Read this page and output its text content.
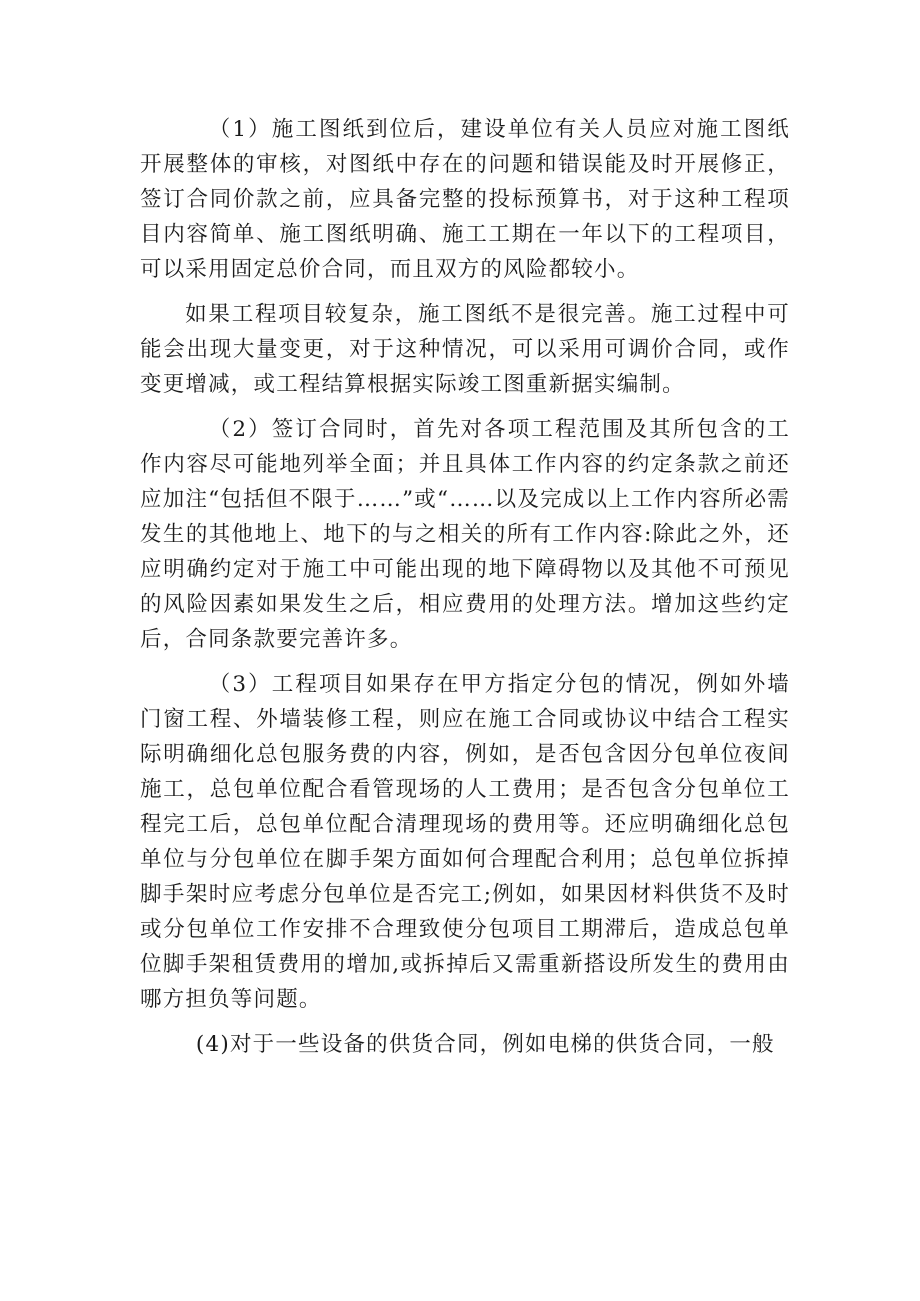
（1）施工图纸到位后，建设单位有关人员应对施工图纸开展整体的审核，对图纸中存在的问题和错误能及时开展修正，签订合同价款之前，应具备完整的投标预算书，对于这种工程项目内容简单、施工图纸明确、施工工期在一年以下的工程项目，可以采用固定总价合同，而且双方的风险都较小。

如果工程项目较复杂，施工图纸不是很完善。施工过程中可能会出现大量变更，对于这种情况，可以采用可调价合同，或作变更增减，或工程结算根据实际竣工图重新据实编制。

（2）签订合同时，首先对各项工程范围及其所包含的工作内容尽可能地列举全面；并且具体工作内容的约定条款之前还应加注“包括但不限于……”或“……以及完成以上工作内容所必需发生的其他地上、地下的与之相关的所有工作内容:除此之外，还应明确约定对于施工中可能出现的地下障碍物以及其他不可预见的风险因素如果发生之后，相应费用的处理方法。增加这些约定后，合同条款要完善许多。

（3）工程项目如果存在甲方指定分包的情况，例如外墙门窗工程、外墙装修工程，则应在施工合同或协议中结合工程实际明确细化总包服务费的内容，例如，是否包含因分包单位夜间施工，总包单位配合看管现场的人工费用；是否包含分包单位工程完工后，总包单位配合清理现场的费用等。还应明确细化总包单位与分包单位在脚手架方面如何合理配合利用；总包单位拆掉脚手架时应考虑分包单位是否完工;例如，如果因材料供货不及时或分包单位工作安排不合理致使分包项目工期滞后，造成总包单位脚手架租赁费用的增加,或拆掉后又需重新搭设所发生的费用由哪方担负等问题。

(4)对于一些设备的供货合同，例如电梯的供货合同，一般
